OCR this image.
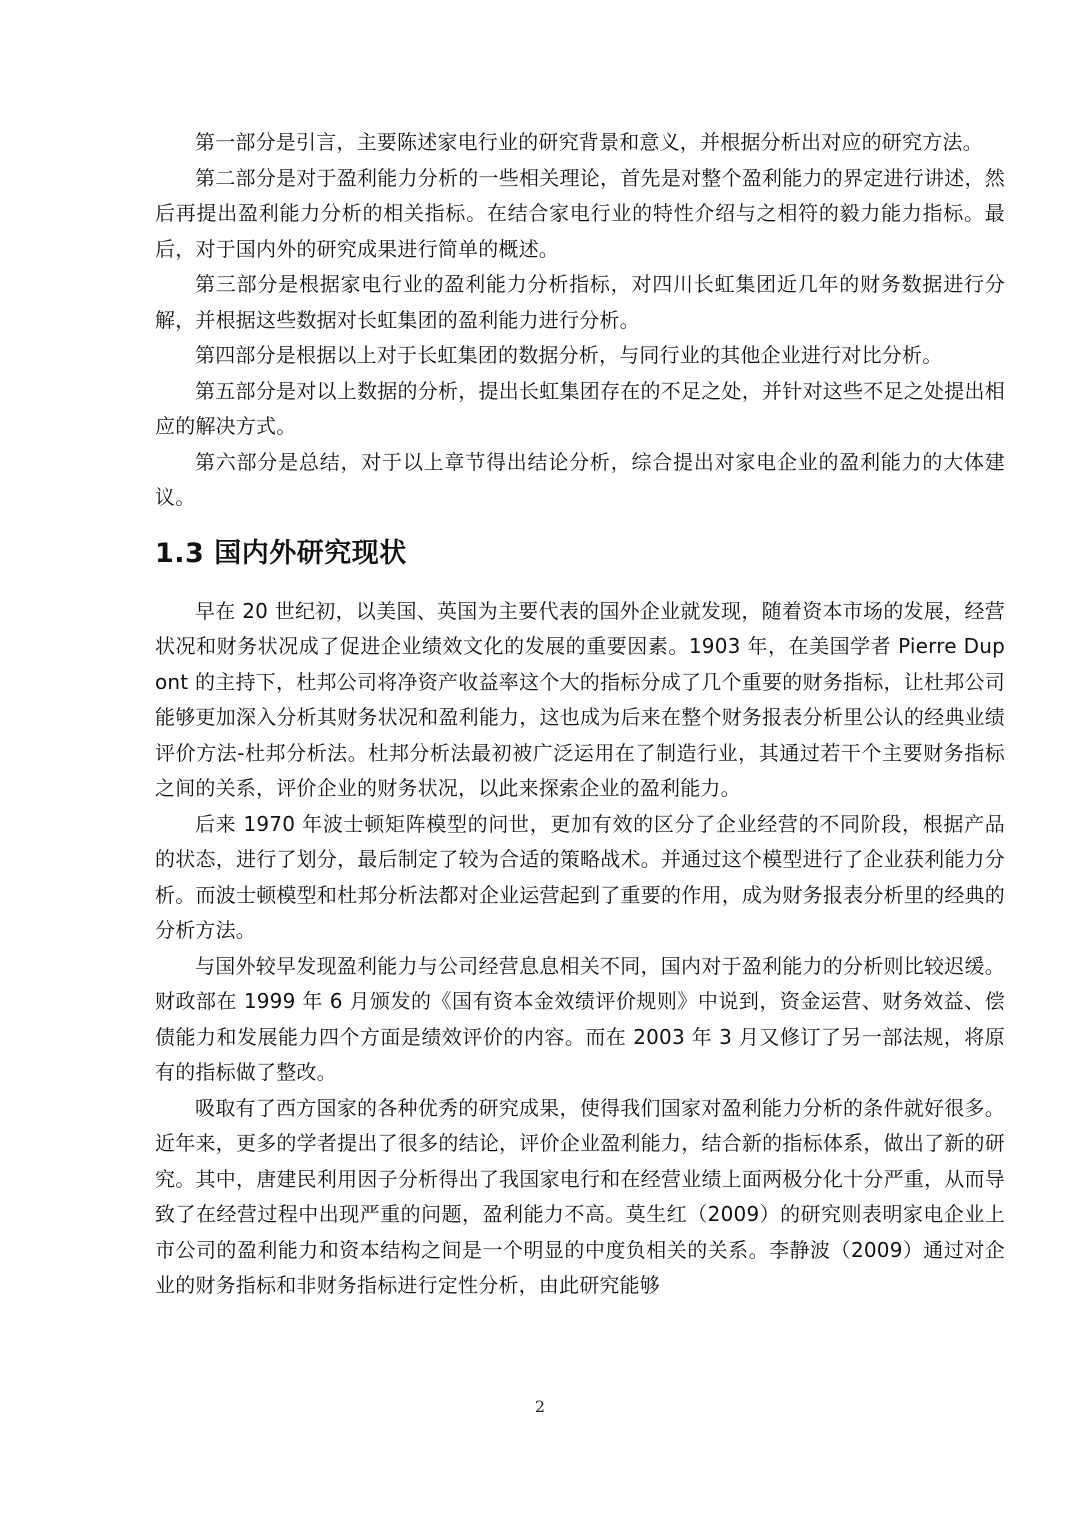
第一部分是引言，主要陈述家电行业的研究背景和意义，并根据分析出对应的研究方法。

第二部分是对于盈利能力分析的一些相关理论，首先是对整个盈利能力的界定进行讲述，然后再提出盈利能力分析的相关指标。在结合家电行业的特性介绍与之相符的毅力能力指标。最后，对于国内外的研究成果进行简单的概述。

第三部分是根据家电行业的盈利能力分析指标，对四川长虹集团近几年的财务数据进行分解，并根据这些数据对长虹集团的盈利能力进行分析。

第四部分是根据以上对于长虹集团的数据分析，与同行业的其他企业进行对比分析。

第五部分是对以上数据的分析，提出长虹集团存在的不足之处，并针对这些不足之处提出相应的解决方式。

第六部分是总结，对于以上章节得出结论分析，综合提出对家电企业的盈利能力的大体建议。

1.3 国内外研究现状

早在 20 世纪初，以美国、英国为主要代表的国外企业就发现，随着资本市场的发展，经营状况和财务状况成了促进企业绩效文化的发展的重要因素。1903 年，在美国学者 Pierre Dupont 的主持下，杜邦公司将净资产收益率这个大的指标分成了几个重要的财务指标，让杜邦公司能够更加深入分析其财务状况和盈利能力，这也成为后来在整个财务报表分析里公认的经典业绩评价方法-杜邦分析法。杜邦分析法最初被广泛运用在了制造行业，其通过若干个主要财务指标之间的关系，评价企业的财务状况，以此来探索企业的盈利能力。

后来 1970 年波士顿矩阵模型的问世，更加有效的区分了企业经营的不同阶段，根据产品的状态，进行了划分，最后制定了较为合适的策略战术。并通过这个模型进行了企业获利能力分析。而波士顿模型和杜邦分析法都对企业运营起到了重要的作用，成为财务报表分析里的经典的分析方法。

与国外较早发现盈利能力与公司经营息息相关不同，国内对于盈利能力的分析则比较迟缓。财政部在 1999 年 6 月颁发的《国有资本金效绩评价规则》中说到，资金运营、财务效益、偿债能力和发展能力四个方面是绩效评价的内容。而在 2003 年 3 月又修订了另一部法规，将原有的指标做了整改。

吸取有了西方国家的各种优秀的研究成果，使得我们国家对盈利能力分析的条件就好很多。近年来，更多的学者提出了很多的结论，评价企业盈利能力，结合新的指标体系，做出了新的研究。其中，唐建民利用因子分析得出了我国家电行和在经营业绩上面两极分化十分严重，从而导致了在经营过程中出现严重的问题，盈利能力不高。莫生红（2009）的研究则表明家电企业上市公司的盈利能力和资本结构之间是一个明显的中度负相关的关系。李静波（2009）通过对企业的财务指标和非财务指标进行定性分析，由此研究能够

2
